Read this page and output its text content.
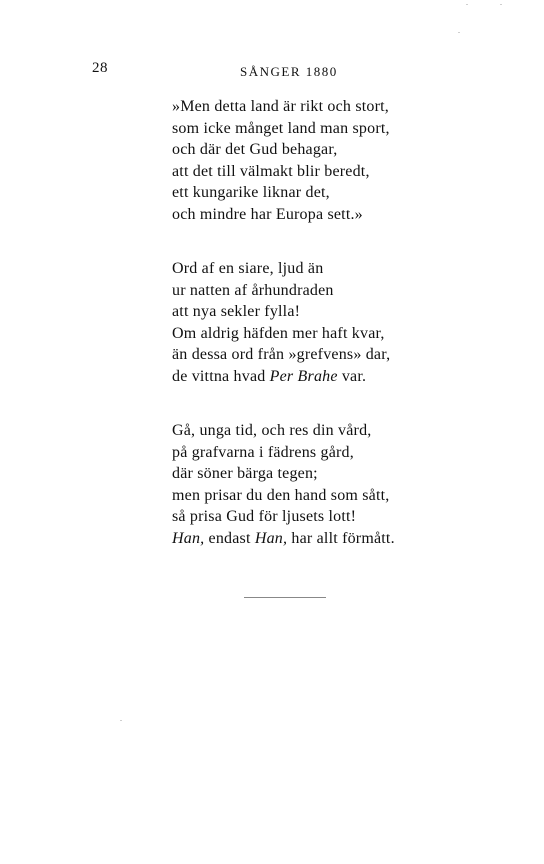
28	SÅNGER 1880
»Men detta land är rikt och stort,
som icke månget land man sport,
och där det Gud behagar,
att det till välmakt blir beredt,
ett kungarike liknar det,
och mindre har Europa sett.»
Ord af en siare, ljud än
ur natten af århundraden
att nya sekler fylla!
Om aldrig häfden mer haft kvar,
än dessa ord från »grefvens» dar,
de vittna hvad Per Brahe var.
Gå, unga tid, och res din vård,
på grafvarna i fädrens gård,
där söner bärga tegen;
men prisar du den hand som sått,
så prisa Gud för ljusets lott!
Han, endast Han, har allt förmått.
